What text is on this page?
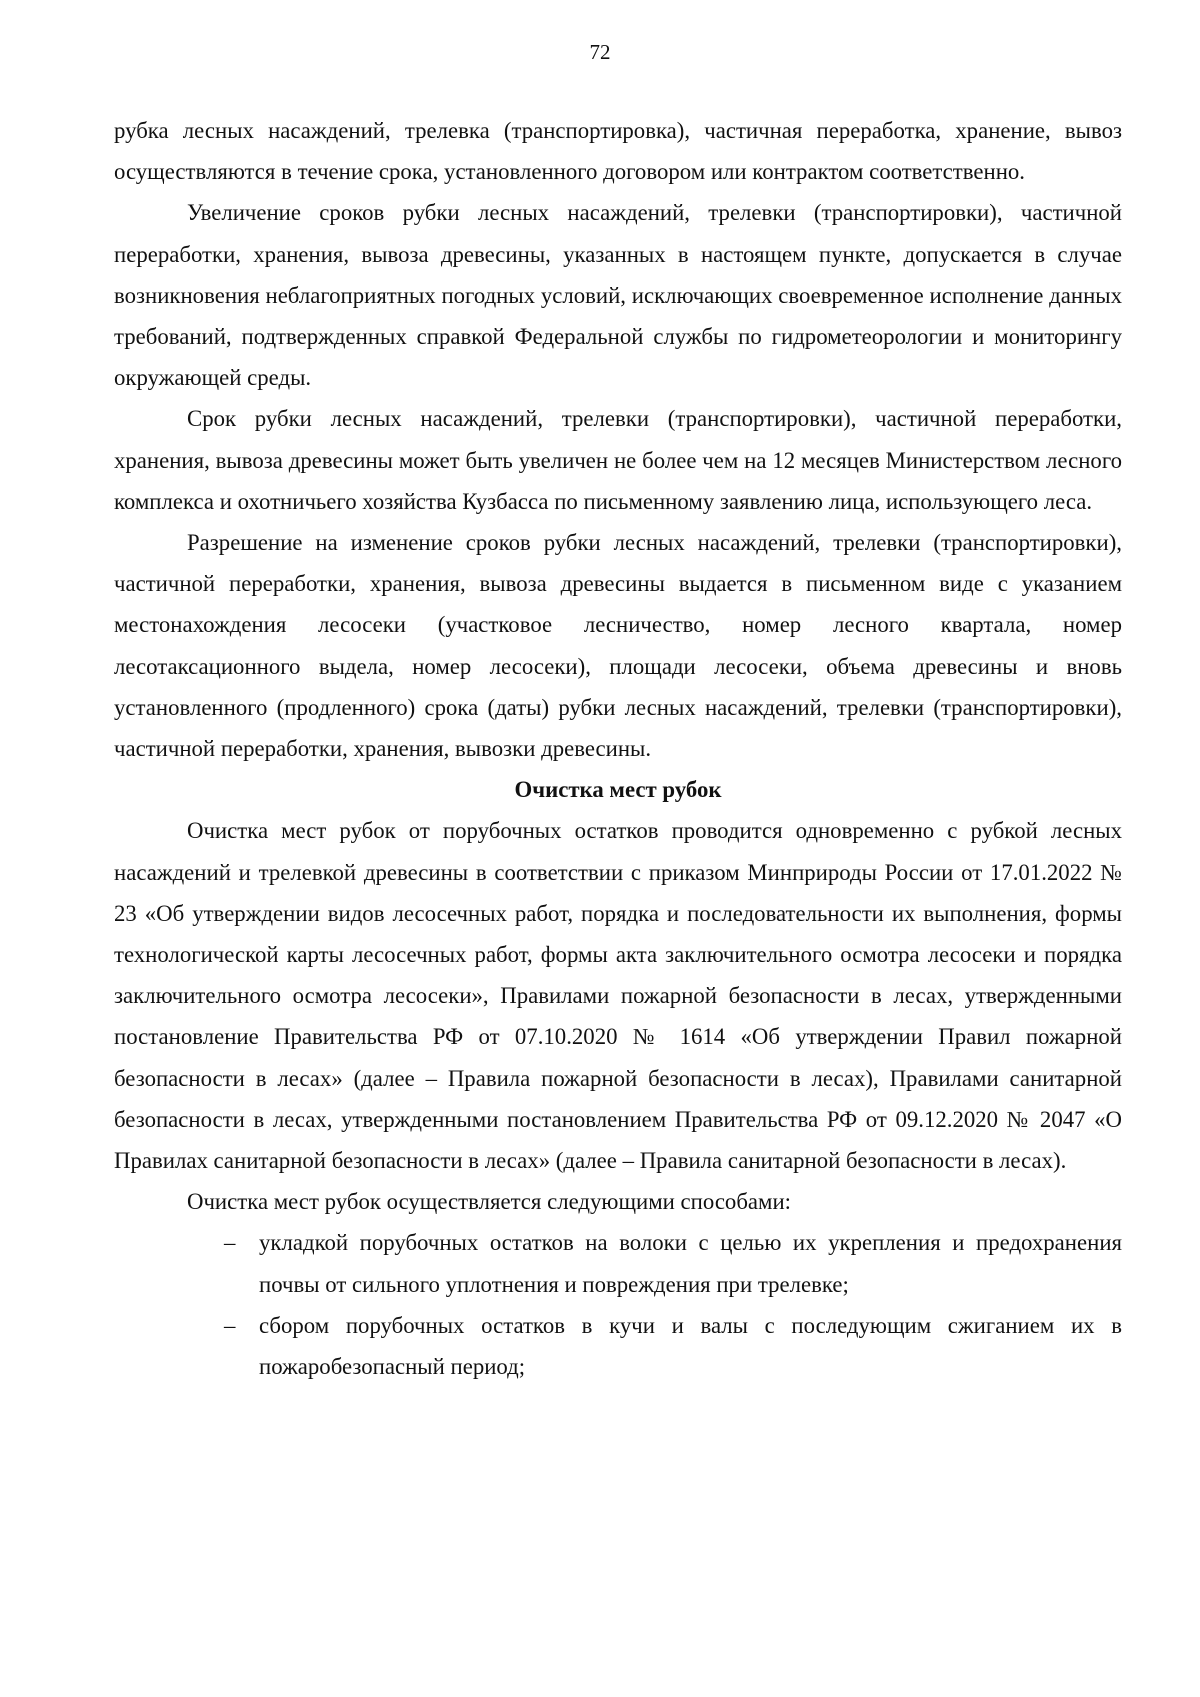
72

рубка лесных насаждений, трелевка (транспортировка), частичная переработка, хранение, вывоз осуществляются в течение срока, установленного договором или контрактом соответственно.

Увеличение сроков рубки лесных насаждений, трелевки (транспортировки), частичной переработки, хранения, вывоза древесины, указанных в настоящем пункте, допускается в случае возникновения неблагоприятных погодных условий, исключающих своевременное исполнение данных требований, подтвержденных справкой Федеральной службы по гидрометеорологии и мониторингу окружающей среды.

Срок рубки лесных насаждений, трелевки (транспортировки), частичной переработки, хранения, вывоза древесины может быть увеличен не более чем на 12 месяцев Министерством лесного комплекса и охотничьего хозяйства Кузбасса по письменному заявлению лица, использующего леса.

Разрешение на изменение сроков рубки лесных насаждений, трелевки (транспортировки), частичной переработки, хранения, вывоза древесины выдается в письменном виде с указанием местонахождения лесосеки (участковое лесничество, номер лесного квартала, номер лесотаксационного выдела, номер лесосеки), площади лесосеки, объема древесины и вновь установленного (продленного) срока (даты) рубки лесных насаждений, трелевки (транспортировки), частичной переработки, хранения, вывозки древесины.

Очистка мест рубок

Очистка мест рубок от порубочных остатков проводится одновременно с рубкой лесных насаждений и трелевкой древесины в соответствии с приказом Минприроды России от 17.01.2022 № 23 «Об утверждении видов лесосечных работ, порядка и последовательности их выполнения, формы технологической карты лесосечных работ, формы акта заключительного осмотра лесосеки и порядка заключительного осмотра лесосеки», Правилами пожарной безопасности в лесах, утвержденными постановление Правительства РФ от 07.10.2020 № 1614 «Об утверждении Правил пожарной безопасности в лесах» (далее – Правила пожарной безопасности в лесах), Правилами санитарной безопасности в лесах, утвержденными постановлением Правительства РФ от 09.12.2020 № 2047 «О Правилах санитарной безопасности в лесах» (далее – Правила санитарной безопасности в лесах).

Очистка мест рубок осуществляется следующими способами:

–	укладкой порубочных остатков на волоки с целью их укрепления и предохранения почвы от сильного уплотнения и повреждения при трелевке;
–	сбором порубочных остатков в кучи и валы с последующим сжиганием их в пожаробезопасный период;
